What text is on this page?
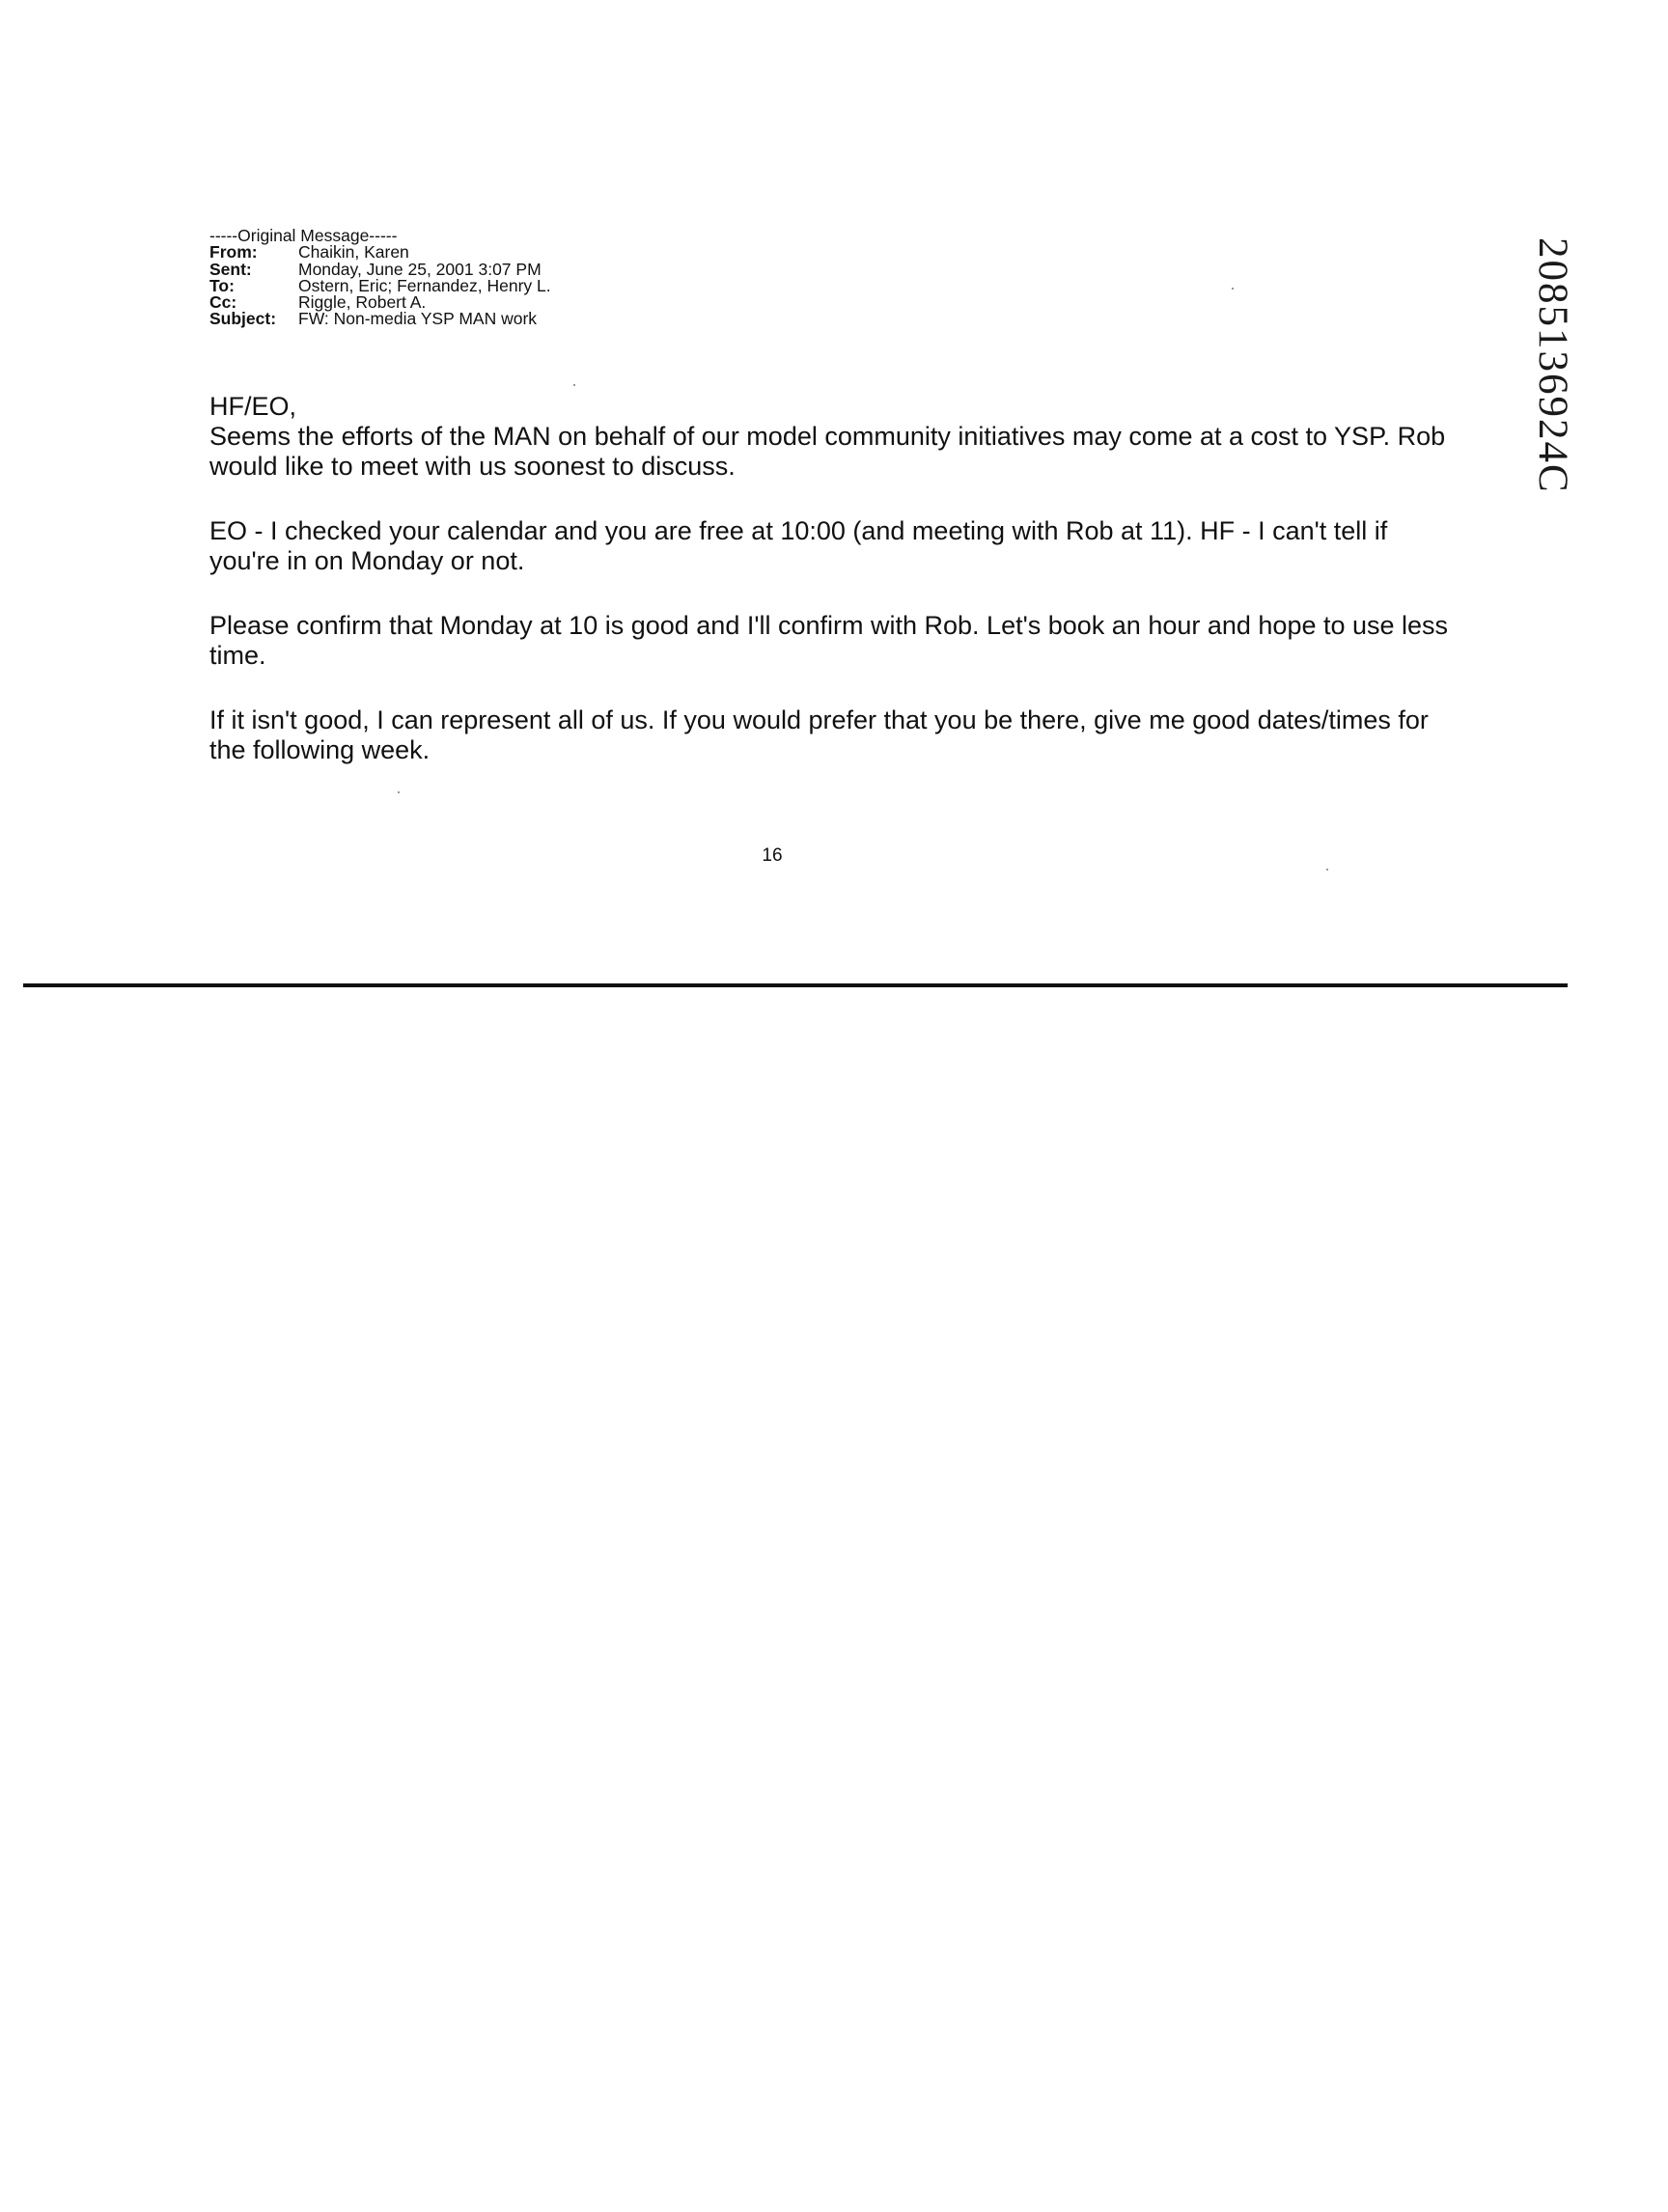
-----Original Message-----
From:	Chaikin, Karen
Sent:	Monday, June 25, 2001 3:07 PM
To:	Ostern, Eric; Fernandez, Henry L.
Cc:	Riggle, Robert A.
Subject:	FW: Non-media YSP MAN work

HF/EO,

Seems the efforts of the MAN on behalf of our model community initiatives may come at a cost to YSP. Rob would like to meet with us soonest to discuss.

EO - I checked your calendar and you are free at 10:00 (and meeting with Rob at 11). HF - I can't tell if you're in on Monday or not.

Please confirm that Monday at 10 is good and I'll confirm with Rob. Let's book an hour and hope to use less time.

If it isn't good, I can represent all of us. If you would prefer that you be there, give me good dates/times for the following week.

16
2085136924C
